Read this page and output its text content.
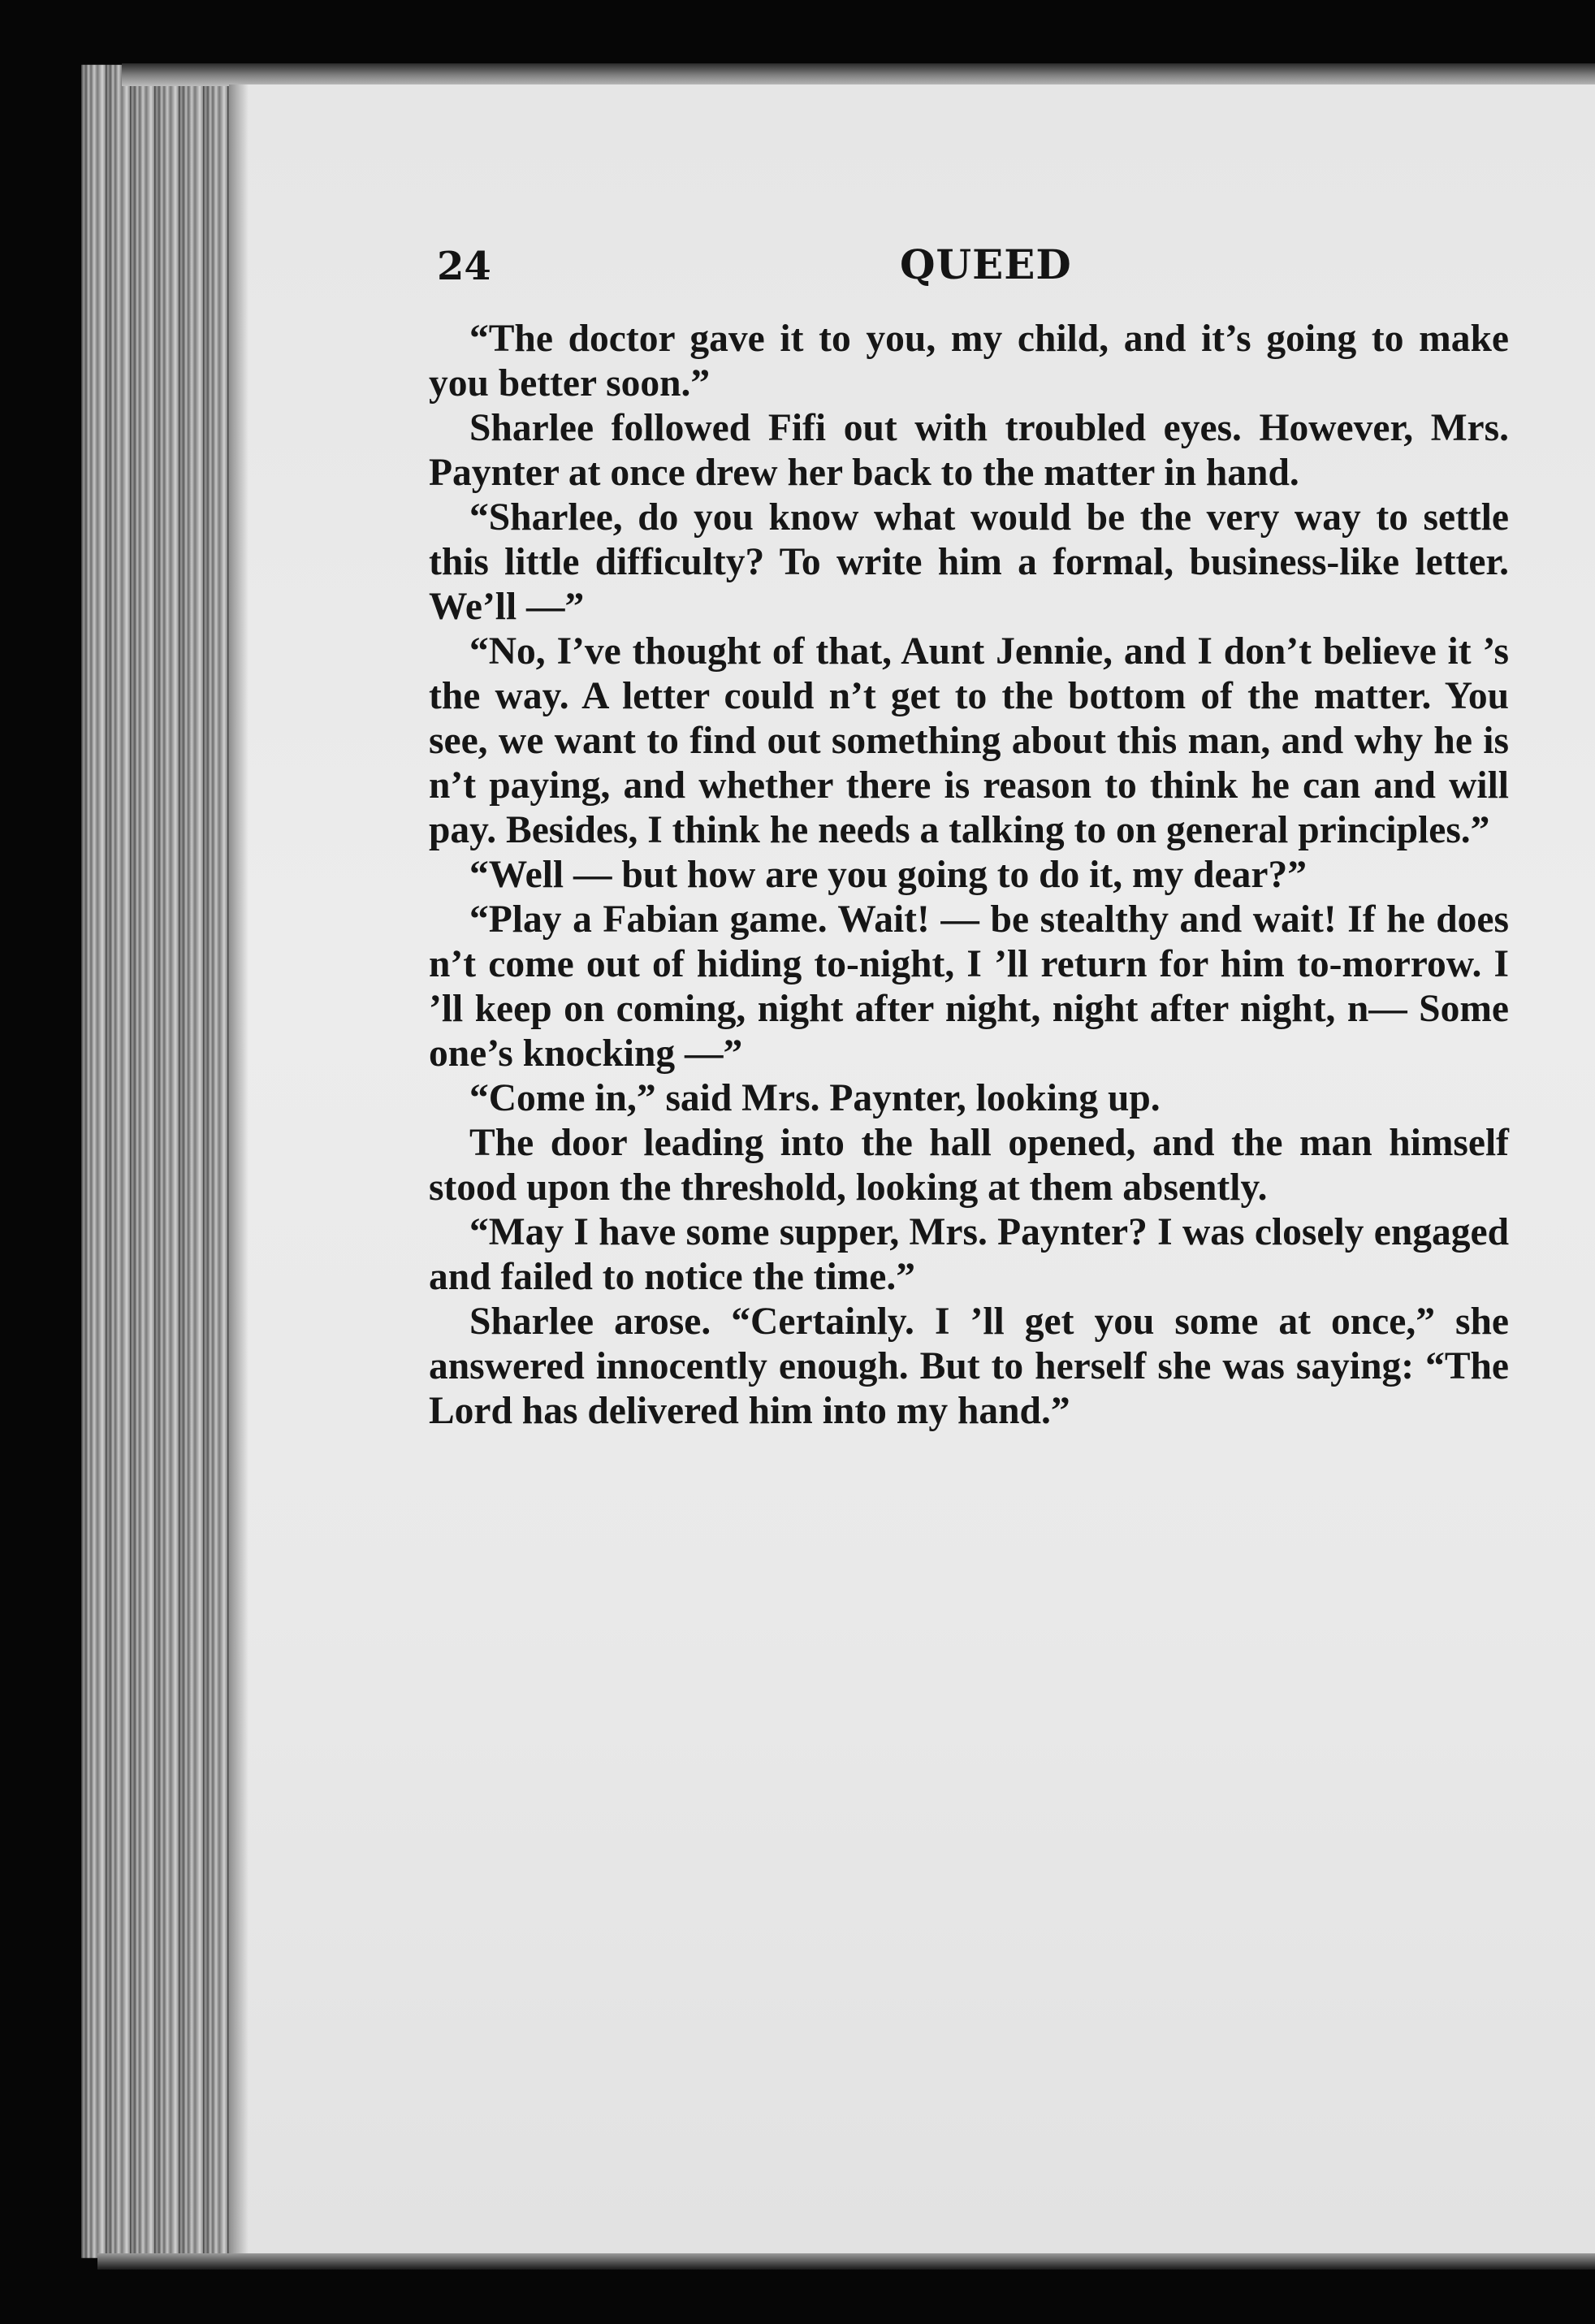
24	QUEED

“The doctor gave it to you, my child, and it’s going to make you better soon.”

Sharlee followed Fifi out with troubled eyes. However, Mrs. Paynter at once drew her back to the matter in hand.

“Sharlee, do you know what would be the very way to settle this little difficulty? To write him a formal, business-like letter. We’ll —”

“No, I’ve thought of that, Aunt Jennie, and I don’t believe it ’s the way. A letter could n’t get to the bottom of the matter. You see, we want to find out something about this man, and why he is n’t paying, and whether there is reason to think he can and will pay. Besides, I think he needs a talking to on general principles.”

“Well — but how are you going to do it, my dear?”

“Play a Fabian game. Wait! — be stealthy and wait! If he does n’t come out of hiding to-night, I ’ll return for him to-morrow. I ’ll keep on coming, night after night, night after night, n— Some one’s knocking —”

“Come in,” said Mrs. Paynter, looking up.

The door leading into the hall opened, and the man himself stood upon the threshold, looking at them absently.

“May I have some supper, Mrs. Paynter? I was closely engaged and failed to notice the time.”

Sharlee arose. “Certainly. I ’ll get you some at once,” she answered innocently enough. But to herself she was saying: “The Lord has delivered him into my hand.”
